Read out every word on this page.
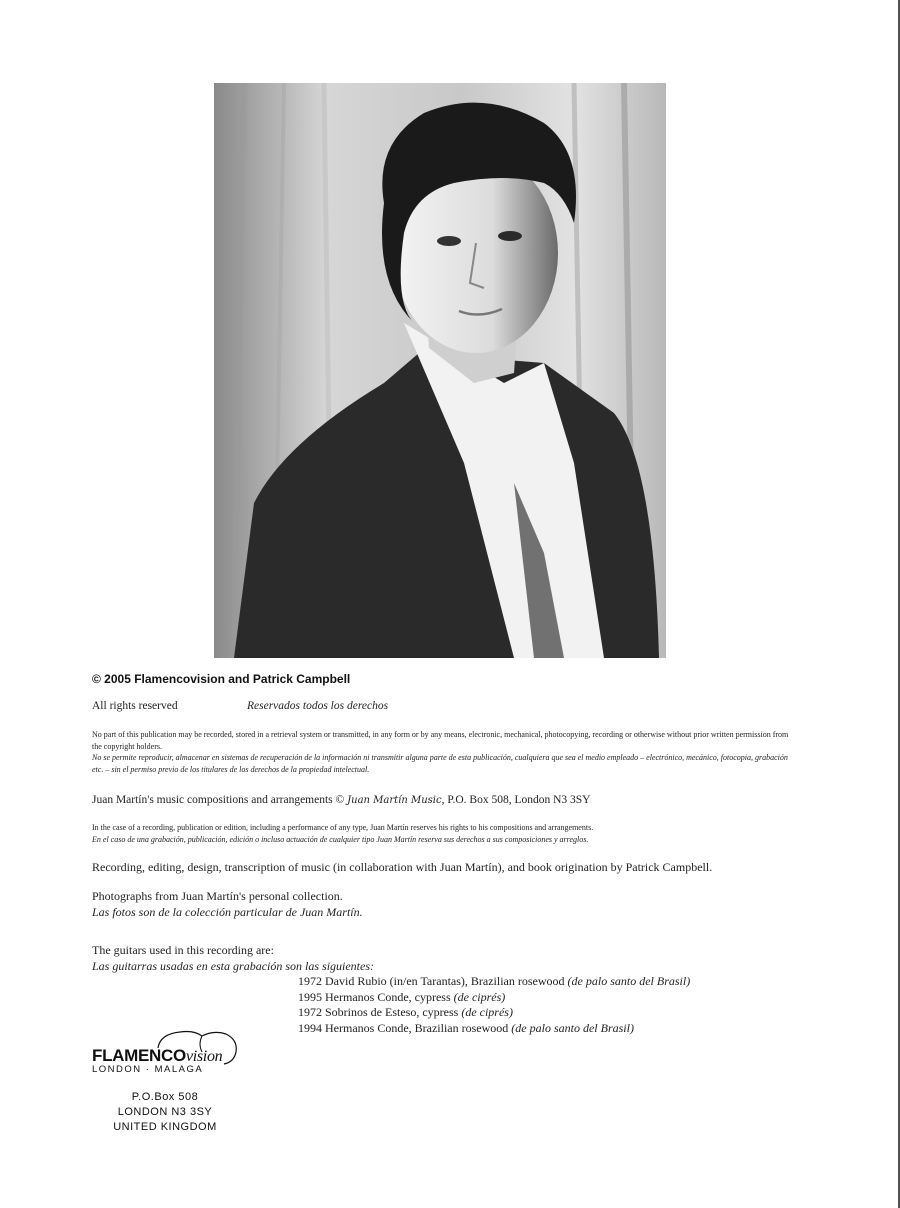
© 2005 Flamencovision and Patrick Campbell
All rights reserved	Reservados todos los derechos
No part of this publication may be recorded, stored in a retrieval system or transmitted, in any form or by any means, electronic, mechanical, photocopying, recording or otherwise without prior written permission from the copyright holders.
No se permite reproducir, almacenar en sistemas de recuperación de la información ni transmitir alguna parte de esta publicación, cualquiera que sea el medio empleado – electrónico, mecánico, fotocopia, grabación etc. – sin el permiso previo de los titulares de los derechos de la propiedad intelectual.
Juan Martín's music compositions and arrangements © Juan Martín Music, P.O. Box 508, London N3 3SY
In the case of a recording, publication or edition, including a performance of any type, Juan Martín reserves his rights to his compositions and arrangements.
En el caso de una grabación, publicación, edición o incluso actuación de cualquier tipo Juan Martín reserva sus derechos a sus composiciones y arreglos.
Recording, editing, design, transcription of music (in collaboration with Juan Martín), and book origination by Patrick Campbell.
Photographs from Juan Martín's personal collection.
Las fotos son de la colección particular de Juan Martín.
The guitars used in this recording are:
Las guitarras usadas en esta grabación son las siguientes:
1972 David Rubio (in/en Tarantas), Brazilian rosewood (de palo santo del Brasil)
1995 Hermanos Conde, cypress (de ciprés)
1972 Sobrinos de Esteso, cypress (de ciprés)
1994 Hermanos Conde, Brazilian rosewood (de palo santo del Brasil)
FLAMENCOvision
LONDON · MALAGA
P.O.Box 508
LONDON N3 3SY
UNITED KINGDOM
